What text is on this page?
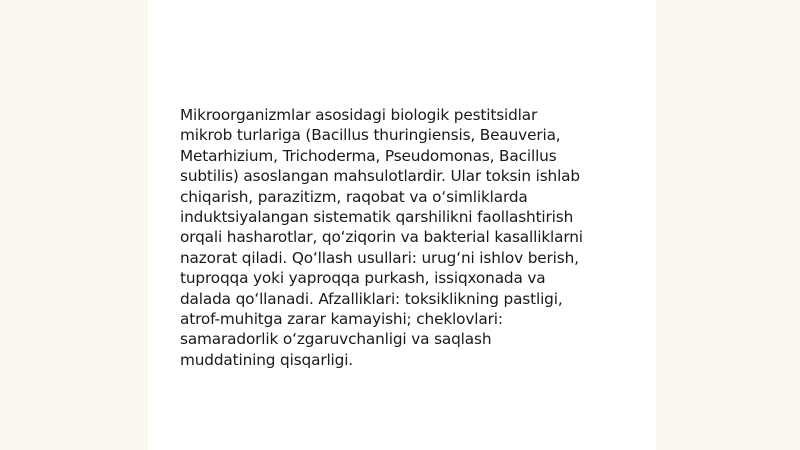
Mikroorganizmlar asosidagi biologik pestitsidlar
mikrob turlariga (Bacillus thuringiensis, Beauveria,
Metarhizium, Trichoderma, Pseudomonas, Bacillus
subtilis) asoslangan mahsulotlardir. Ular toksin ishlab
chiqarish, parazitizm, raqobat va oʻsimliklarda
induktsiyalangan sistematik qarshilikni faollashtirish
orqali hasharotlar, qoʻziqorin va bakterial kasalliklarni
nazorat qiladi. Qoʻllash usullari: urugʻni ishlov berish,
tuproqqa yoki yaproqqa purkash, issiqxonada va
dalada qoʻllanadi. Afzalliklari: toksiklikning pastligi,
atrof-muhitga zarar kamayishi; cheklovlari:
samaradorlik oʻzgaruvchanligi va saqlash
muddatining qisqarligi.
